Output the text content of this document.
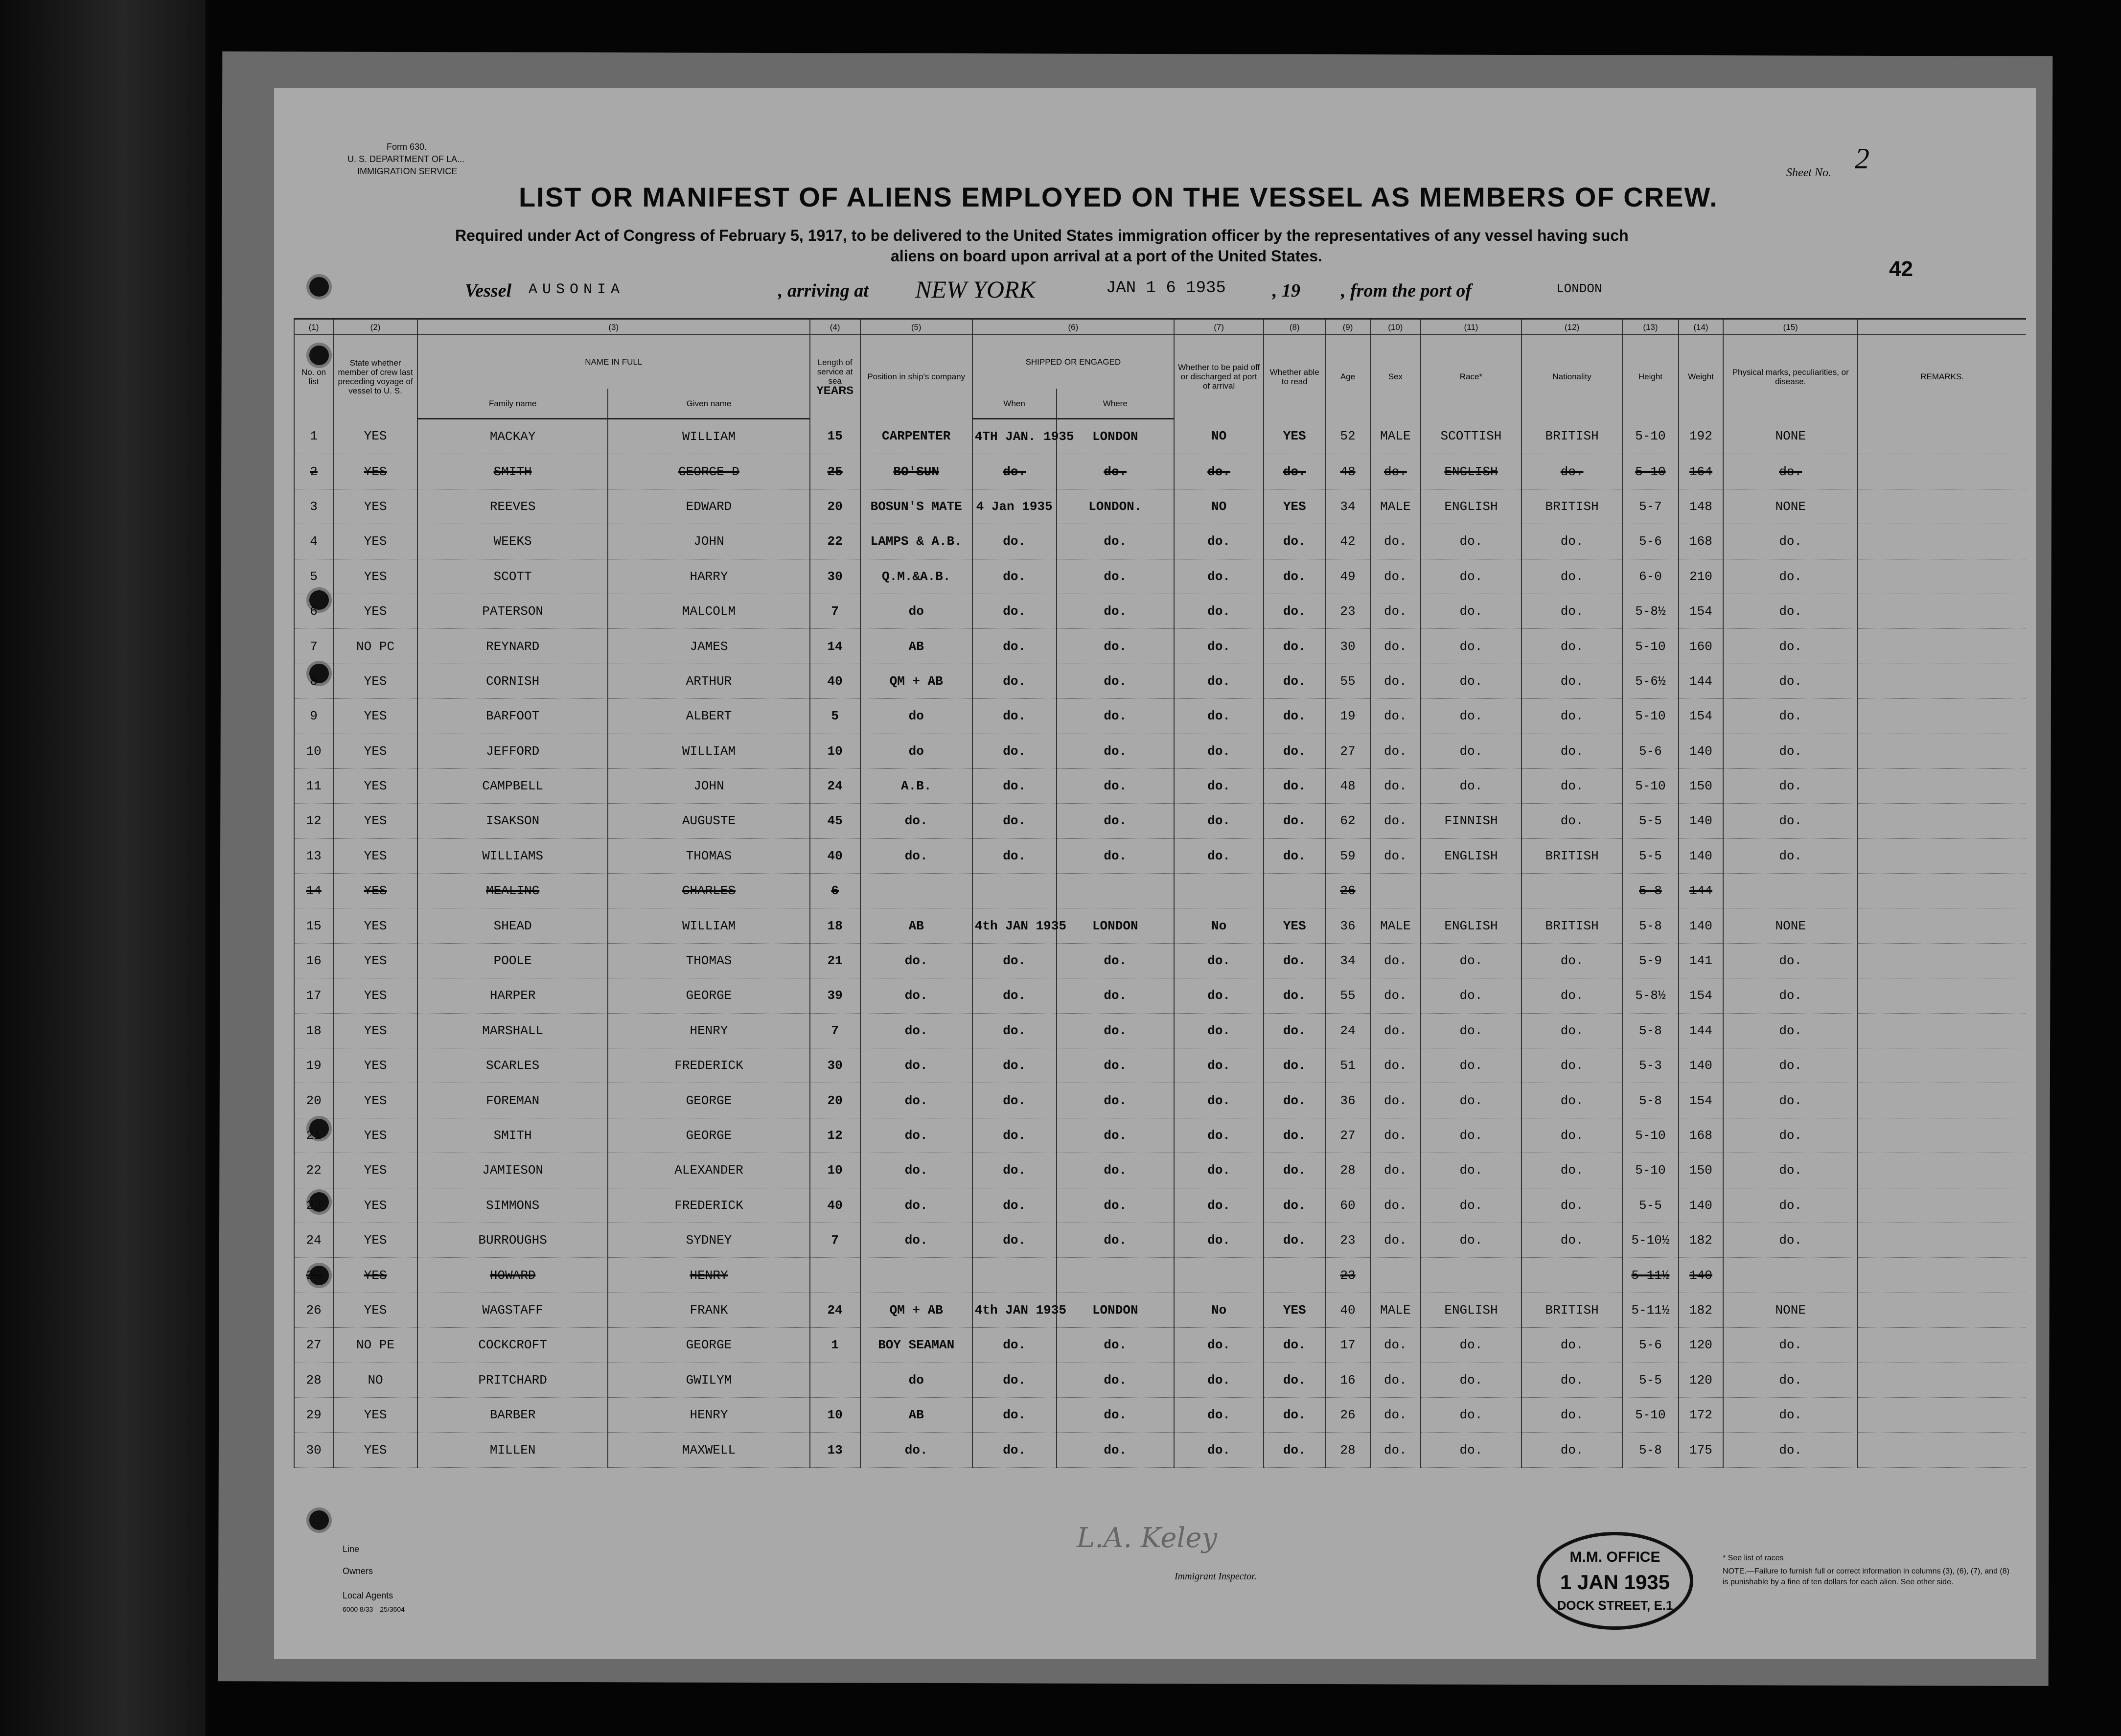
Form 630.
U. S. DEPARTMENT OF LA...
IMMIGRATION SERVICE	Sheet No. 2
LIST OR MANIFEST OF ALIENS EMPLOYED ON THE VESSEL AS MEMBERS OF CREW.
Required under Act of Congress of February 5, 1917, to be delivered to the United States immigration officer by the representatives of any vessel having such
aliens on board upon arrival at a port of the United States.
42
Vessel AUSONIA	, arriving at NEW YORK	JAN 1 6 1935	, 19 , from the port of	LONDON
(1)	(2)	(3)		(4)	(5)	(6)		(7)	(8)	(9)	(10)	(11)	(12)	(13)	(14)	(15)	
No. on list	State whether member of crew last preceding voyage of vessel to U. S.	NAME IN FULL		Length of service at sea
YEARS	Position in ship's company	SHIPPED OR ENGAGED		Whether to be paid off or discharged at port of arrival	Whether able to read	Age	Sex	Race*	Nationality	Height	Weight	Physical marks, peculiarities, or disease.	REMARKS.
		Family name	Given name			When	Where										
1	YES	MACKAY	WILLIAM	15	CARPENTER	4TH JAN. 1935	LONDON	NO	YES	52	MALE	SCOTTISH	BRITISH	5-10	192	NONE	
2	YES	SMITH	GEORGE D	25	BO'SUN	do.	do.	do.	do.	48	do.	ENGLISH	do.	5-10	164	do.	
3	YES	REEVES	EDWARD	20	BOSUN'S MATE	4 Jan 1935	LONDON.	NO	YES	34	MALE	ENGLISH	BRITISH	5-7	148	NONE	
4	YES	WEEKS	JOHN	22	LAMPS & A.B.	do.	do.	do.	do.	42	do.	do.	do.	5-6	168	do.	
5	YES	SCOTT	HARRY	30	Q.M.&A.B.	do.	do.	do.	do.	49	do.	do.	do.	6-0	210	do.	
6	YES	PATERSON	MALCOLM	7	do	do.	do.	do.	do.	23	do.	do.	do.	5-8½	154	do.	
7	NO PC	REYNARD	JAMES	14	AB	do.	do.	do.	do.	30	do.	do.	do.	5-10	160	do.	
8	YES	CORNISH	ARTHUR	40	QM + AB	do.	do.	do.	do.	55	do.	do.	do.	5-6½	144	do.	
9	YES	BARFOOT	ALBERT	5	do	do.	do.	do.	do.	19	do.	do.	do.	5-10	154	do.	
10	YES	JEFFORD	WILLIAM	10	do	do.	do.	do.	do.	27	do.	do.	do.	5-6	140	do.	
11	YES	CAMPBELL	JOHN	24	A.B.	do.	do.	do.	do.	48	do.	do.	do.	5-10	150	do.	
12	YES	ISAKSON	AUGUSTE	45	do.	do.	do.	do.	do.	62	do.	FINNISH	do.	5-5	140	do.	
13	YES	WILLIAMS	THOMAS	40	do.	do.	do.	do.	do.	59	do.	ENGLISH	BRITISH	5-5	140	do.	
14	YES	MEALING	CHARLES	6						26				5-8	144		
15	YES	SHEAD	WILLIAM	18	AB	4th JAN 1935	LONDON	No	YES	36	MALE	ENGLISH	BRITISH	5-8	140	NONE	
16	YES	POOLE	THOMAS	21	do.	do.	do.	do.	do.	34	do.	do.	do.	5-9	141	do.	
17	YES	HARPER	GEORGE	39	do.	do.	do.	do.	do.	55	do.	do.	do.	5-8½	154	do.	
18	YES	MARSHALL	HENRY	7	do.	do.	do.	do.	do.	24	do.	do.	do.	5-8	144	do.	
19	YES	SCARLES	FREDERICK	30	do.	do.	do.	do.	do.	51	do.	do.	do.	5-3	140	do.	
20	YES	FOREMAN	GEORGE	20	do.	do.	do.	do.	do.	36	do.	do.	do.	5-8	154	do.	
21	YES	SMITH	GEORGE	12	do.	do.	do.	do.	do.	27	do.	do.	do.	5-10	168	do.	
22	YES	JAMIESON	ALEXANDER	10	do.	do.	do.	do.	do.	28	do.	do.	do.	5-10	150	do.	
23	YES	SIMMONS	FREDERICK	40	do.	do.	do.	do.	do.	60	do.	do.	do.	5-5	140	do.	
24	YES	BURROUGHS	SYDNEY	7	do.	do.	do.	do.	do.	23	do.	do.	do.	5-10½	182	do.	
25	YES	HOWARD	HENRY							23				5-11½	140		
26	YES	WAGSTAFF	FRANK	24	QM + AB	4th JAN 1935	LONDON	No	YES	40	MALE	ENGLISH	BRITISH	5-11½	182	NONE	
27	NO PE	COCKCROFT	GEORGE	1	BOY SEAMAN	do.	do.	do.	do.	17	do.	do.	do.	5-6	120	do.	
28	NO	PRITCHARD	GWILYM		do	do.	do.	do.	do.	16	do.	do.	do.	5-5	120	do.	
29	YES	BARBER	HENRY	10	AB	do.	do.	do.	do.	26	do.	do.	do.	5-10	172	do.	
30	YES	MILLEN	MAXWELL	13	do.	do.	do.	do.	do.	28	do.	do.	do.	5-8	175	do.	
Line
Owners
Local Agents
6000 8/33—25/3604
L.A. Keley
Immigrant Inspector.
* See list of races
NOTE.—Failure to furnish full or correct information in columns (3), (6), (7), and (8) is punishable by a fine of ten dollars for each alien. See other side.
M.M. OFFICE
1 JAN 1935
DOCK STREET, E.1
